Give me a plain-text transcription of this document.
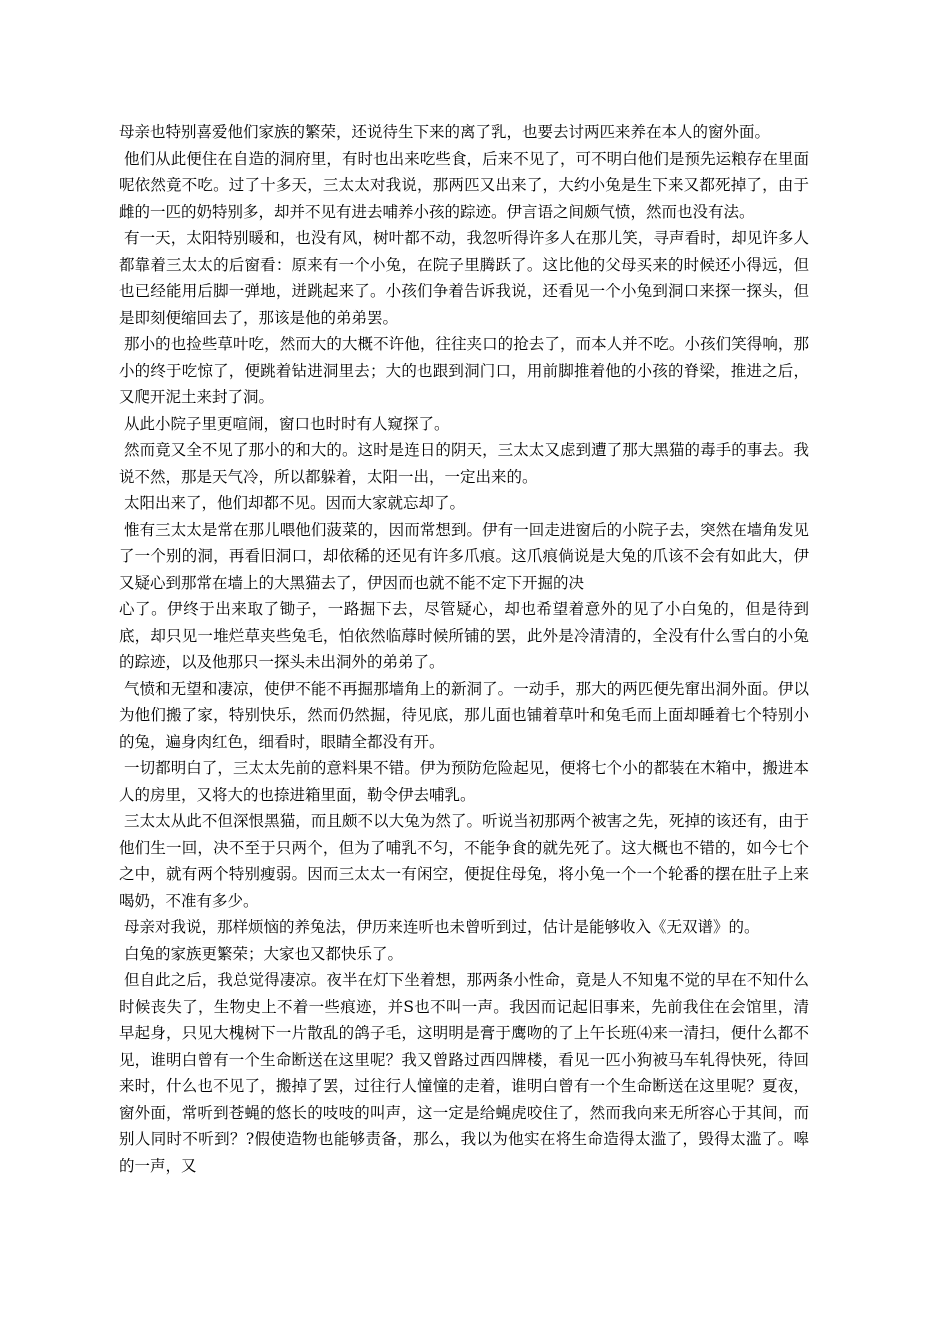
母亲也特别喜爱他们家族的繁荣，还说待生下来的离了乳，也要去讨两匹来养在本人的窗外面。

他们从此便住在自造的洞府里，有时也出来吃些食，后来不见了，可不明白他们是预先运粮存在里面呢依然竟不吃。过了十多天，三太太对我说，那两匹又出来了，大约小兔是生下来又都死掉了，由于雌的一匹的奶特别多，却并不见有进去哺养小孩的踪迹。伊言语之间颇气愤，然而也没有法。

有一天，太阳特别暖和，也没有风，树叶都不动，我忽听得许多人在那儿笑，寻声看时，却见许多人都靠着三太太的后窗看：原来有一个小兔，在院子里腾跃了。这比他的父母买来的时候还小得远，但也已经能用后脚一弹地，迸跳起来了。小孩们争着告诉我说，还看见一个小兔到洞口来探一探头，但是即刻便缩回去了，那该是他的弟弟罢。

那小的也捡些草叶吃，然而大的大概不许他，往往夹口的抢去了，而本人并不吃。小孩们笑得响，那小的终于吃惊了，便跳着钻进洞里去；大的也跟到洞门口，用前脚推着他的小孩的脊梁，推进之后，又爬开泥土来封了洞。

从此小院子里更喧闹，窗口也时时有人窥探了。

然而竟又全不见了那小的和大的。这时是连日的阴天，三太太又虑到遭了那大黑猫的毒手的事去。我说不然，那是天气冷，所以都躲着，太阳一出，一定出来的。

太阳出来了，他们却都不见。因而大家就忘却了。

惟有三太太是常在那儿喂他们菠菜的，因而常想到。伊有一回走进窗后的小院子去，突然在墙角发见了一个别的洞，再看旧洞口，却依稀的还见有许多爪痕。这爪痕倘说是大兔的爪该不会有如此大，伊又疑心到那常在墙上的大黑猫去了，伊因而也就不能不定下开掘的决

心了。伊终于出来取了锄子，一路掘下去，尽管疑心，却也希望着意外的见了小白兔的，但是待到底，却只见一堆烂草夹些兔毛，怕依然临蓐时候所铺的罢，此外是冷清清的，全没有什么雪白的小兔的踪迹，以及他那只一探头未出洞外的弟弟了。

气愤和无望和凄凉，使伊不能不再掘那墙角上的新洞了。一动手，那大的两匹便先窜出洞外面。伊以为他们搬了家，特别快乐，然而仍然掘，待见底，那儿面也铺着草叶和兔毛而上面却睡着七个特别小的兔，遍身肉红色，细看时，眼睛全都没有开。

一切都明白了，三太太先前的意料果不错。伊为预防危险起见，便将七个小的都装在木箱中，搬进本人的房里，又将大的也捺进箱里面，勒令伊去哺乳。

三太太从此不但深恨黑猫，而且颇不以大兔为然了。听说当初那两个被害之先，死掉的该还有，由于他们生一回，决不至于只两个，但为了哺乳不匀，不能争食的就先死了。这大概也不错的，如今七个之中，就有两个特别瘦弱。因而三太太一有闲空，便捉住母兔，将小兔一个一个轮番的摆在肚子上来喝奶，不准有多少。

母亲对我说，那样烦恼的养兔法，伊历来连听也未曾听到过，估计是能够收入《无双谱》的。

白兔的家族更繁荣；大家也又都快乐了。

但自此之后，我总觉得凄凉。夜半在灯下坐着想，那两条小性命，竟是人不知鬼不觉的早在不知什么时候丧失了，生物史上不着一些痕迹，并S也不叫一声。我因而记起旧事来，先前我住在会馆里，清早起身，只见大槐树下一片散乱的鸽子毛，这明明是膏于鹰吻的了上午长班⑷来一清扫，便什么都不见，谁明白曾有一个生命断送在这里呢？我又曾路过西四牌楼，看见一匹小狗被马车轧得快死，待回来时，什么也不见了，搬掉了罢，过往行人憧憧的走着，谁明白曾有一个生命断送在这里呢？夏夜，窗外面，常听到苍蝇的悠长的吱吱的叫声，这一定是给蝇虎咬住了，然而我向来无所容心于其间，而别人同时不听到？?假使造物也能够责备，那么，我以为他实在将生命造得太滥了，毁得太滥了。嗥的一声，又
